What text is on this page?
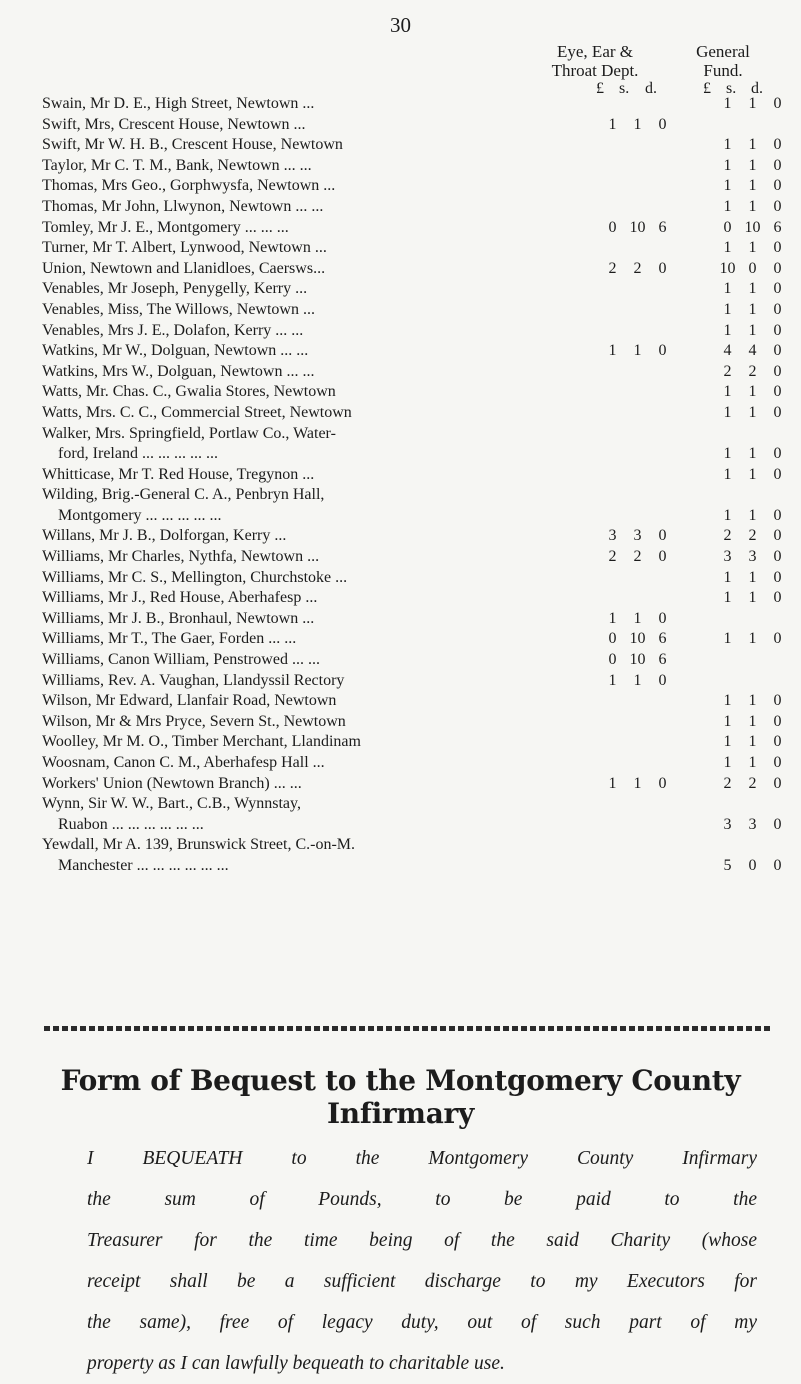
30
Eye, Ear &
Throat Dept.
General
Fund.
£ s. d.	£ s. d.
Swain, Mr D. E., High Street, Newtown ...					1	1	0
Swift, Mrs, Crescent House, Newtown ...	1	1	0				
Swift, Mr W. H. B., Crescent House, Newtown					1	1	0
Taylor, Mr C. T. M., Bank, Newtown ... ...					1	1	0
Thomas, Mrs Geo., Gorphwysfa, Newtown ...					1	1	0
Thomas, Mr John, Llwynon, Newtown ... ...					1	1	0
Tomley, Mr J. E., Montgomery ... ... ...	0	10	6		0	10	6
Turner, Mr T. Albert, Lynwood, Newtown ...					1	1	0
Union, Newtown and Llanidloes, Caersws...	2	2	0		10	0	0
Venables, Mr Joseph, Penygelly, Kerry ...					1	1	0
Venables, Miss, The Willows, Newtown ...					1	1	0
Venables, Mrs J. E., Dolafon, Kerry ... ...					1	1	0
Watkins, Mr W., Dolguan, Newtown ... ...	1	1	0		4	4	0
Watkins, Mrs W., Dolguan, Newtown ... ...					2	2	0
Watts, Mr. Chas. C., Gwalia Stores, Newtown					1	1	0
Watts, Mrs. C. C., Commercial Street, Newtown					1	1	0
Walker, Mrs. Springfield, Portlaw Co., Water-							
ford, Ireland ... ... ... ... ...					1	1	0
Whitticase, Mr T. Red House, Tregynon ...					1	1	0
Wilding, Brig.-General C. A., Penbryn Hall,							
Montgomery ... ... ... ... ...					1	1	0
Willans, Mr J. B., Dolforgan, Kerry ...	3	3	0		2	2	0
Williams, Mr Charles, Nythfa, Newtown ...	2	2	0		3	3	0
Williams, Mr C. S., Mellington, Churchstoke ...					1	1	0
Williams, Mr J., Red House, Aberhafesp ...					1	1	0
Williams, Mr J. B., Bronhaul, Newtown ...	1	1	0				
Williams, Mr T., The Gaer, Forden ... ...	0	10	6		1	1	0
Williams, Canon William, Penstrowed ... ...	0	10	6				
Williams, Rev. A. Vaughan, Llandyssil Rectory	1	1	0				
Wilson, Mr Edward, Llanfair Road, Newtown					1	1	0
Wilson, Mr & Mrs Pryce, Severn St., Newtown					1	1	0
Woolley, Mr M. O., Timber Merchant, Llandinam					1	1	0
Woosnam, Canon C. M., Aberhafesp Hall ...					1	1	0
Workers' Union (Newtown Branch) ... ...	1	1	0		2	2	0
Wynn, Sir W. W., Bart., C.B., Wynnstay,							
Ruabon ... ... ... ... ... ...					3	3	0
Yewdall, Mr A. 139, Brunswick Street, C.-on-M.							
Manchester ... ... ... ... ... ...					5	0	0
Form of Bequest to the Montgomery County Infirmary
I BEQUEATH to the Montgomery County Infirmary
the sum of Pounds, to be paid to the
Treasurer for the time being of the said Charity (whose
receipt shall be a sufficient discharge to my Executors for
the same), free of legacy duty, out of such part of my
property as I can lawfully bequeath to charitable use.
